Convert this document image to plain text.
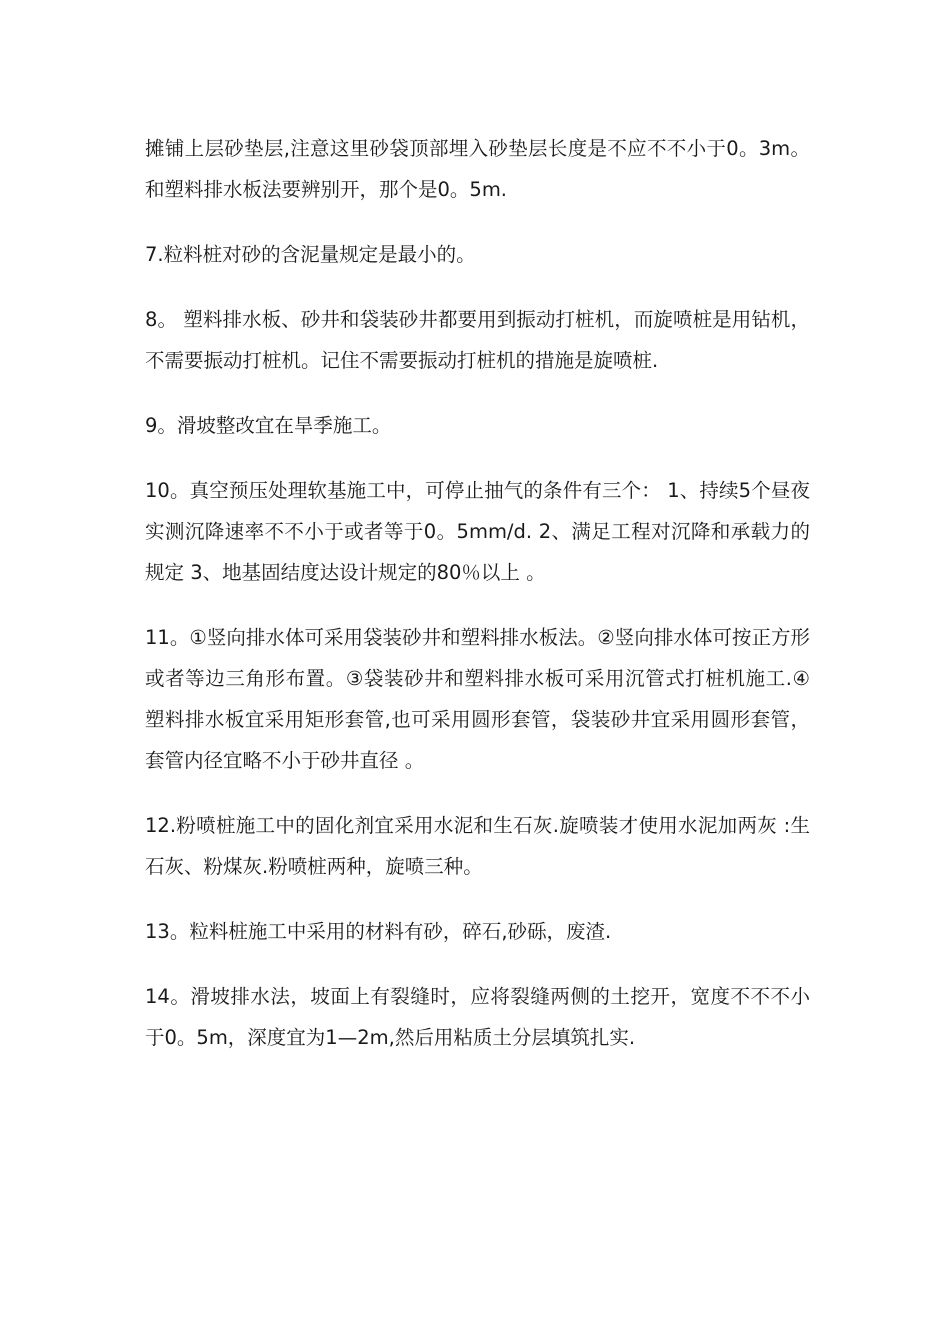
摊铺上层砂垫层,注意这里砂袋顶部埋入砂垫层长度是不应不不小于0。3m。和塑料排水板法要辨别开，那个是0。5m.

7.粒料桩对砂的含泥量规定是最小的。

8。 塑料排水板、砂井和袋装砂井都要用到振动打桩机，而旋喷桩是用钻机，不需要振动打桩机。记住不需要振动打桩机的措施是旋喷桩.

9。滑坡整改宜在旱季施工。

10。真空预压处理软基施工中，可停止抽气的条件有三个： 1、持续5个昼夜实测沉降速率不不小于或者等于0。5mm/d. 2、满足工程对沉降和承载力的规定 3、地基固结度达设计规定的80％以上 。

11。①竖向排水体可采用袋装砂井和塑料排水板法。②竖向排水体可按正方形或者等边三角形布置。③袋装砂井和塑料排水板可采用沉管式打桩机施工.④塑料排水板宜采用矩形套管,也可采用圆形套管，袋装砂井宜采用圆形套管，套管内径宜略不小于砂井直径 。

12.粉喷桩施工中的固化剂宜采用水泥和生石灰.旋喷装才使用水泥加两灰 :生石灰、粉煤灰.粉喷桩两种，旋喷三种。

13。粒料桩施工中采用的材料有砂，碎石,砂砾，废渣.

14。滑坡排水法，坡面上有裂缝时，应将裂缝两侧的土挖开，宽度不不不小于0。5m，深度宜为1—2m,然后用粘质土分层填筑扎实.
